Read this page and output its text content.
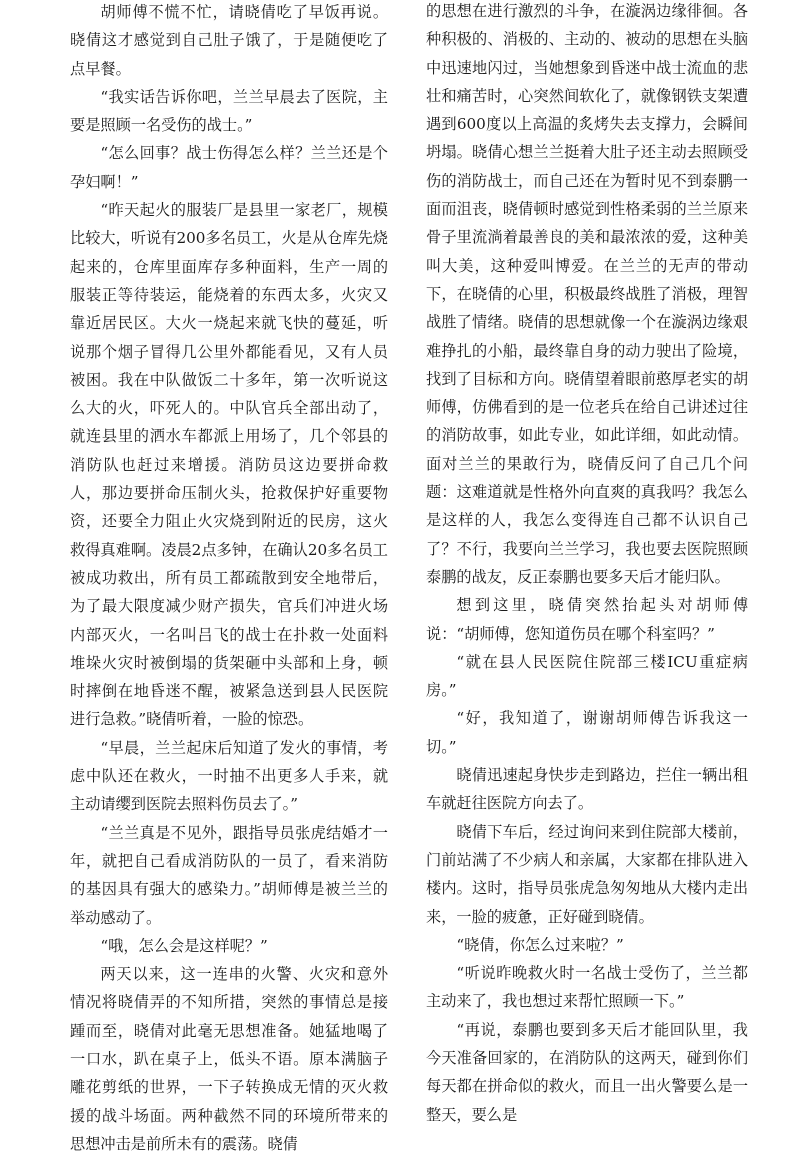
胡师傅不慌不忙，请晓倩吃了早饭再说。晓倩这才感觉到自己肚子饿了，于是随便吃了点早餐。

“我实话告诉你吧，兰兰早晨去了医院，主要是照顾一名受伤的战士。”

“怎么回事？战士伤得怎么样？兰兰还是个孕妇啊！”

“昨天起火的服装厂是县里一家老厂，规模比较大，听说有200多名员工，火是从仓库先烧起来的，仓库里面库存多种面料，生产一周的服装正等待装运，能烧着的东西太多，火灾又靠近居民区。大火一烧起来就飞快的蔓延，听说那个烟子冒得几公里外都能看见，又有人员被困。我在中队做饭二十多年，第一次听说这么大的火，吓死人的。中队官兵全部出动了，就连县里的洒水车都派上用场了，几个邻县的消防队也赶过来增援。消防员这边要拼命救人，那边要拼命压制火头，抢救保护好重要物资，还要全力阻止火灾烧到附近的民房，这火救得真难啊。凌晨2点多钟，在确认20多名员工被成功救出，所有员工都疏散到安全地带后，为了最大限度减少财产损失，官兵们冲进火场内部灭火，一名叫吕飞的战士在扑救一处面料堆垛火灾时被倒塌的货架砸中头部和上身，顿时摔倒在地昏迷不醒，被紧急送到县人民医院进行急救。”晓倩听着，一脸的惊恐。

“早晨，兰兰起床后知道了发火的事情，考虑中队还在救火，一时抽不出更多人手来，就主动请缨到医院去照料伤员去了。”

“兰兰真是不见外，跟指导员张虎结婚才一年，就把自己看成消防队的一员了，看来消防的基因具有强大的感染力。”胡师傅是被兰兰的举动感动了。

“哦，怎么会是这样呢？”

两天以来，这一连串的火警、火灾和意外情况将晓倩弄的不知所措，突然的事情总是接踵而至，晓倩对此毫无思想准备。她猛地喝了一口水，趴在桌子上，低头不语。原本满脑子雕花剪纸的世界，一下子转换成无情的灭火救援的战斗场面。两种截然不同的环境所带来的思想冲击是前所未有的震荡。晓倩

的思想在进行激烈的斗争，在漩涡边缘徘徊。各种积极的、消极的、主动的、被动的思想在头脑中迅速地闪过，当她想象到昏迷中战士流血的悲壮和痛苦时，心突然间软化了，就像钢铁支架遭遇到600度以上高温的炙烤失去支撑力，会瞬间坍塌。晓倩心想兰兰挺着大肚子还主动去照顾受伤的消防战士，而自己还在为暂时见不到泰鹏一面而沮丧，晓倩顿时感觉到性格柔弱的兰兰原来骨子里流淌着最善良的美和最浓浓的爱，这种美叫大美，这种爱叫博爱。在兰兰的无声的带动下，在晓倩的心里，积极最终战胜了消极，理智战胜了情绪。晓倩的思想就像一个在漩涡边缘艰难挣扎的小船，最终靠自身的动力驶出了险境，找到了目标和方向。晓倩望着眼前憨厚老实的胡师傅，仿佛看到的是一位老兵在给自己讲述过往的消防故事，如此专业，如此详细，如此动情。面对兰兰的果敢行为，晓倩反问了自己几个问题：这难道就是性格外向直爽的真我吗？我怎么是这样的人，我怎么变得连自己都不认识自己了？不行，我要向兰兰学习，我也要去医院照顾泰鹏的战友，反正泰鹏也要多天后才能归队。

想到这里，晓倩突然抬起头对胡师傅说：“胡师傅，您知道伤员在哪个科室吗？”

“就在县人民医院住院部三楼ICU重症病房。”

“好，我知道了，谢谢胡师傅告诉我这一切。”

晓倩迅速起身快步走到路边，拦住一辆出租车就赶往医院方向去了。

晓倩下车后，经过询问来到住院部大楼前，门前站满了不少病人和亲属，大家都在排队进入楼内。这时，指导员张虎急匆匆地从大楼内走出来，一脸的疲惫，正好碰到晓倩。

“晓倩，你怎么过来啦？”

“听说昨晚救火时一名战士受伤了，兰兰都主动来了，我也想过来帮忙照顾一下。”

“再说，泰鹏也要到多天后才能回队里，我今天准备回家的，在消防队的这两天，碰到你们每天都在拼命似的救火，而且一出火警要么是一整天，要么是
